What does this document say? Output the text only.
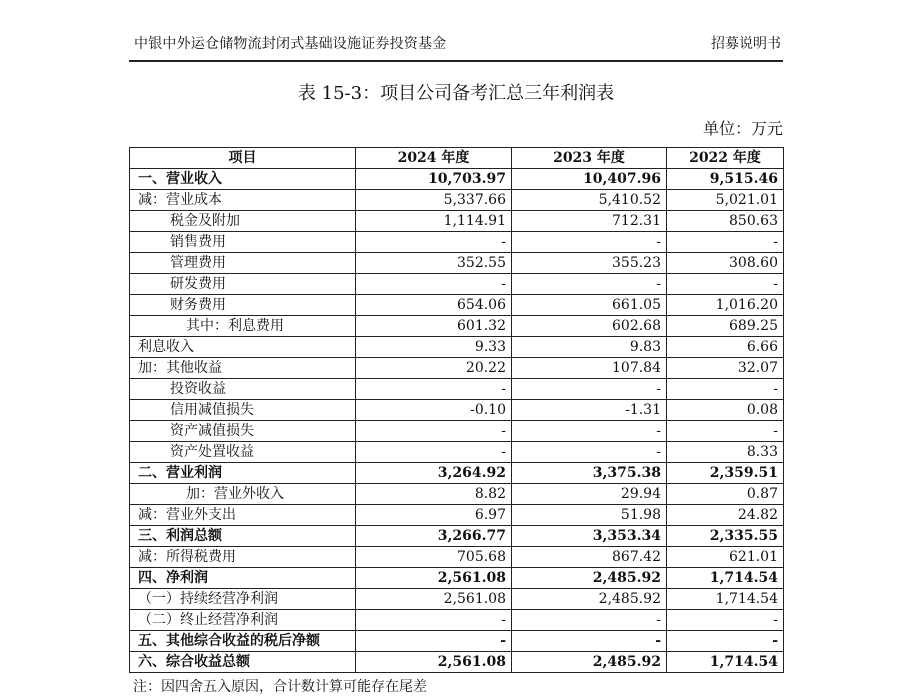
中银中外运仓储物流封闭式基础设施证券投资基金	招募说明书
表 15-3：项目公司备考汇总三年利润表
单位：万元
项目	2024 年度	2023 年度	2022 年度
一、营业收入	10,703.97	10,407.96	9,515.46
减：营业成本	5,337.66	5,410.52	5,021.01
税金及附加	1,114.91	712.31	850.63
销售费用	-	-	-
管理费用	352.55	355.23	308.60
研发费用	-	-	-
财务费用	654.06	661.05	1,016.20
其中：利息费用	601.32	602.68	689.25
利息收入	9.33	9.83	6.66
加：其他收益	20.22	107.84	32.07
投资收益	-	-	-
信用减值损失	-0.10	-1.31	0.08
资产减值损失	-	-	-
资产处置收益	-	-	8.33
二、营业利润	3,264.92	3,375.38	2,359.51
加：营业外收入	8.82	29.94	0.87
减：营业外支出	6.97	51.98	24.82
三、利润总额	3,266.77	3,353.34	2,335.55
减：所得税费用	705.68	867.42	621.01
四、净利润	2,561.08	2,485.92	1,714.54
（一）持续经营净利润	2,561.08	2,485.92	1,714.54
（二）终止经营净利润	-	-	-
五、其他综合收益的税后净额	-	-	-
六、综合收益总额	2,561.08	2,485.92	1,714.54
注：因四舍五入原因，合计数计算可能存在尾差
